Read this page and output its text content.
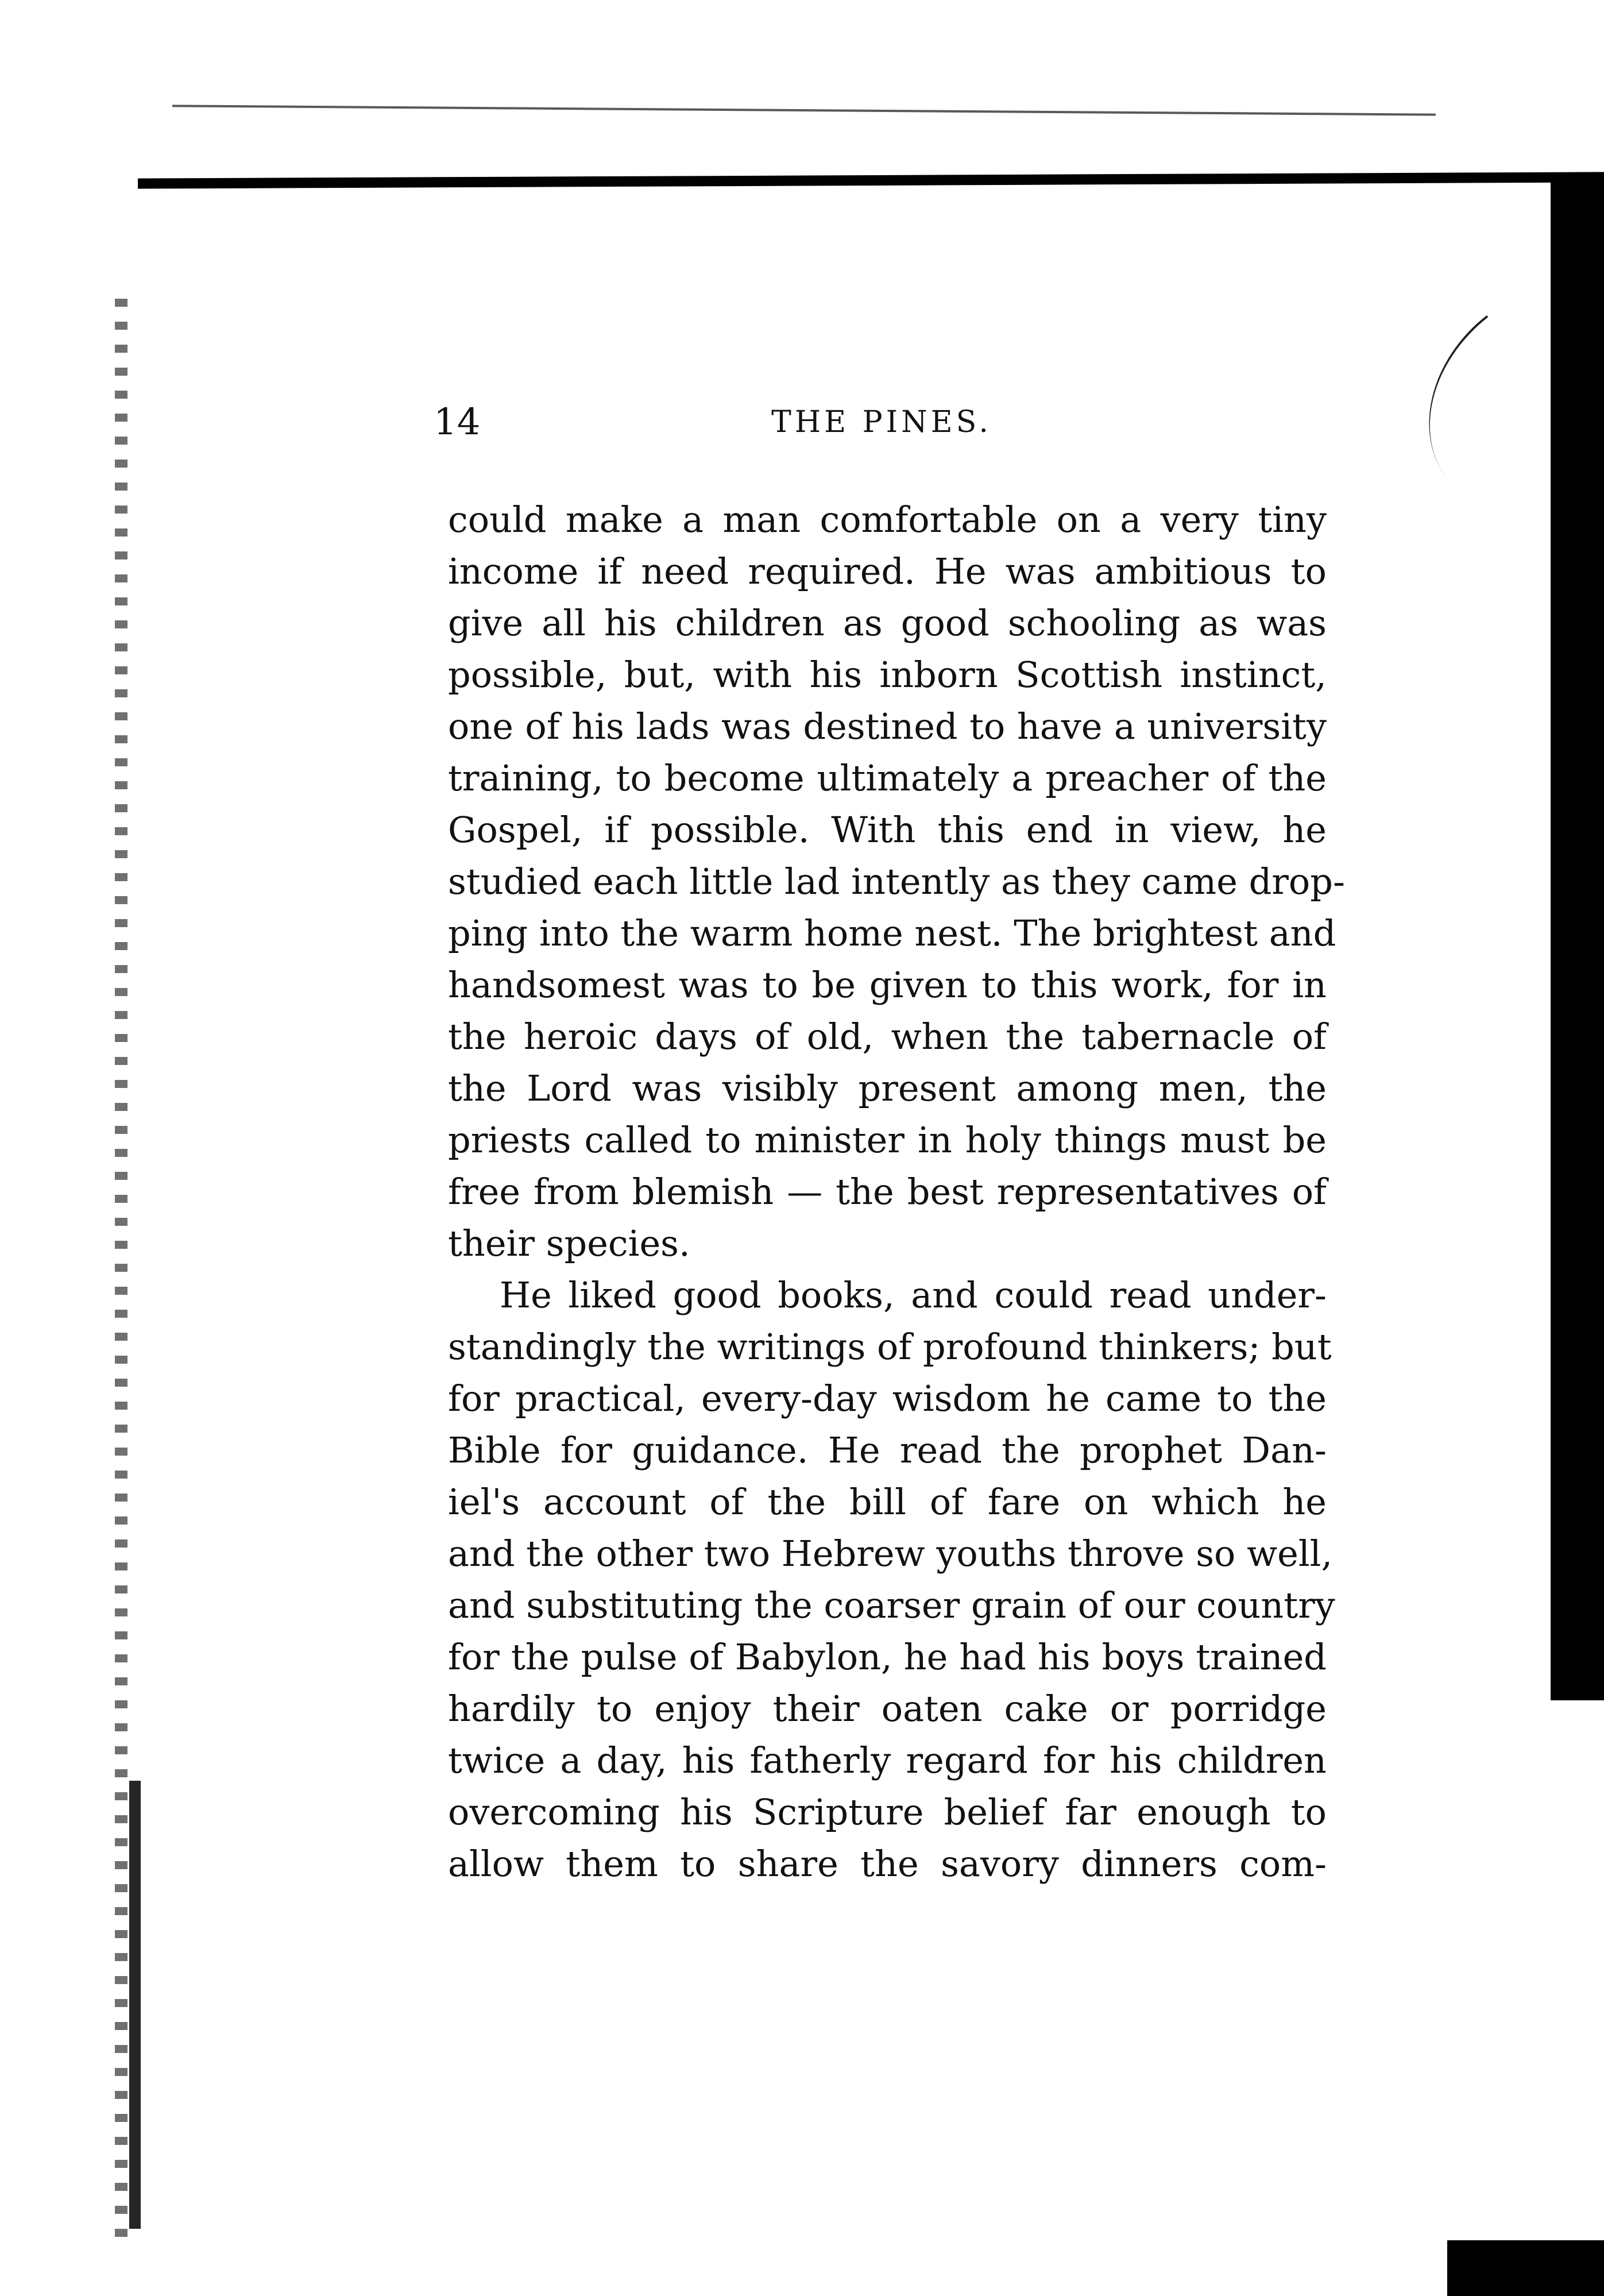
14	THE PINES.

could make a man comfortable on a very tiny
income if need required. He was ambitious to
give all his children as good schooling as was
possible, but, with his inborn Scottish instinct,
one of his lads was destined to have a university
training, to become ultimately a preacher of the
Gospel, if possible. With this end in view, he
studied each little lad intently as they came drop-
ping into the warm home nest. The brightest and
handsomest was to be given to this work, for in
the heroic days of old, when the tabernacle of
the Lord was visibly present among men, the
priests called to minister in holy things must be
free from blemish — the best representatives of
their species.

He liked good books, and could read under-
standingly the writings of profound thinkers; but
for practical, every-day wisdom he came to the
Bible for guidance. He read the prophet Dan-
iel's account of the bill of fare on which he
and the other two Hebrew youths throve so well,
and substituting the coarser grain of our country
for the pulse of Babylon, he had his boys trained
hardily to enjoy their oaten cake or porridge
twice a day, his fatherly regard for his children
overcoming his Scripture belief far enough to
allow them to share the savory dinners com-
